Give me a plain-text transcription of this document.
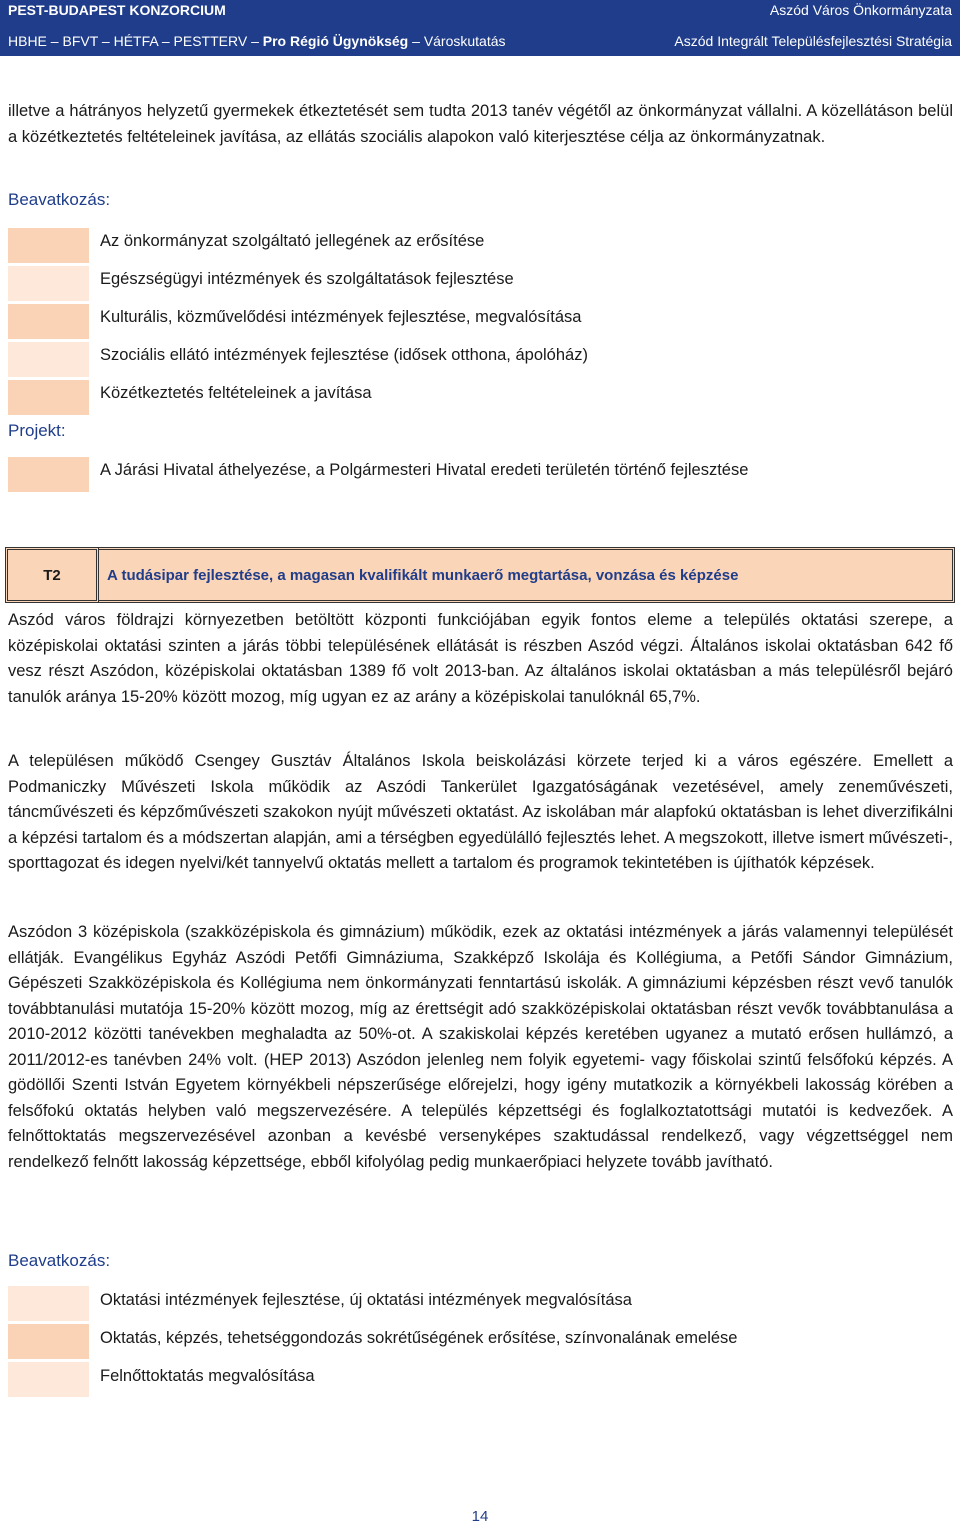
PEST-BUDAPEST KONZORCIUM	Aszód Város Önkormányzata
HBHE – BFVT – HÉTFA – PESTTERV – Pro Régió Ügynökség – Városkutatás	Aszód Integrált Településfejlesztési Stratégia

illetve a hátrányos helyzetű gyermekek étkeztetését sem tudta 2013 tanév végétől az önkormányzat vállalni. A közellátáson belül a közétkeztetés feltételeinek javítása, az ellátás szociális alapokon való kiterjesztése célja az önkormányzatnak.

Beavatkozás:
Az önkormányzat szolgáltató jellegének az erősítése
Egészségügyi intézmények és szolgáltatások fejlesztése
Kulturális, közművelődési intézmények fejlesztése, megvalósítása
Szociális ellátó intézmények fejlesztése (idősek otthona, ápolóház)
Közétkeztetés feltételeinek a javítása
Projekt:
A Járási Hivatal áthelyezése, a Polgármesteri Hivatal eredeti területén történő fejlesztése
T2	A tudásipar fejlesztése, a magasan kvalifikált munkaerő megtartása, vonzása és képzése

Aszód város földrajzi környezetben betöltött központi funkciójában egyik fontos eleme a település oktatási szerepe, a középiskolai oktatási szinten a járás többi településének ellátását is részben Aszód végzi. Általános iskolai oktatásban 642 fő vesz részt Aszódon, középiskolai oktatásban 1389 fő volt 2013-ban. Az általános iskolai oktatásban a más településről bejáró tanulók aránya 15-20% között mozog, míg ugyan ez az arány a középiskolai tanulóknál 65,7%.

A településen működő Csengey Gusztáv Általános Iskola beiskolázási körzete terjed ki a város egészére. Emellett a Podmaniczky Művészeti Iskola működik az Aszódi Tankerület Igazgatóságának vezetésével, amely zeneművészeti, táncművészeti és képzőművészeti szakokon nyújt művészeti oktatást. Az iskolában már alapfokú oktatásban is lehet diverzifikálni a képzési tartalom és a módszertan alapján, ami a térségben egyedülálló fejlesztés lehet. A megszokott, illetve ismert művészeti-, sporttagozat és idegen nyelvi/két tannyelvű oktatás mellett a tartalom és programok tekintetében is újíthatók képzések.

Aszódon 3 középiskola (szakközépiskola és gimnázium) működik, ezek az oktatási intézmények a járás valamennyi települését ellátják. Evangélikus Egyház Aszódi Petőfi Gimnáziuma, Szakképző Iskolája és Kollégiuma, a Petőfi Sándor Gimnázium, Gépészeti Szakközépiskola és Kollégiuma nem önkormányzati fenntartású iskolák. A gimnáziumi képzésben részt vevő tanulók továbbtanulási mutatója 15-20% között mozog, míg az érettségit adó szakközépiskolai oktatásban részt vevők továbbtanulása a 2010-2012 közötti tanévekben meghaladta az 50%-ot. A szakiskolai képzés keretében ugyanez a mutató erősen hullámzó, a 2011/2012-es tanévben 24% volt. (HEP 2013) Aszódon jelenleg nem folyik egyetemi- vagy főiskolai szintű felsőfokú képzés. A gödöllői Szenti István Egyetem környékbeli népszerűsége előrejelzi, hogy igény mutatkozik a környékbeli lakosság körében a felsőfokú oktatás helyben való megszervezésére. A település képzettségi és foglalkoztatottsági mutatói is kedvezőek. A felnőttoktatás megszervezésével azonban a kevésbé versenyképes szaktudással rendelkező, vagy végzettséggel nem rendelkező felnőtt lakosság képzettsége, ebből kifolyólag pedig munkaerőpiaci helyzete tovább javítható.

Beavatkozás:
Oktatási intézmények fejlesztése, új oktatási intézmények megvalósítása
Oktatás, képzés, tehetséggondozás sokrétűségének erősítése, színvonalának emelése
Felnőttoktatás megvalósítása
14
